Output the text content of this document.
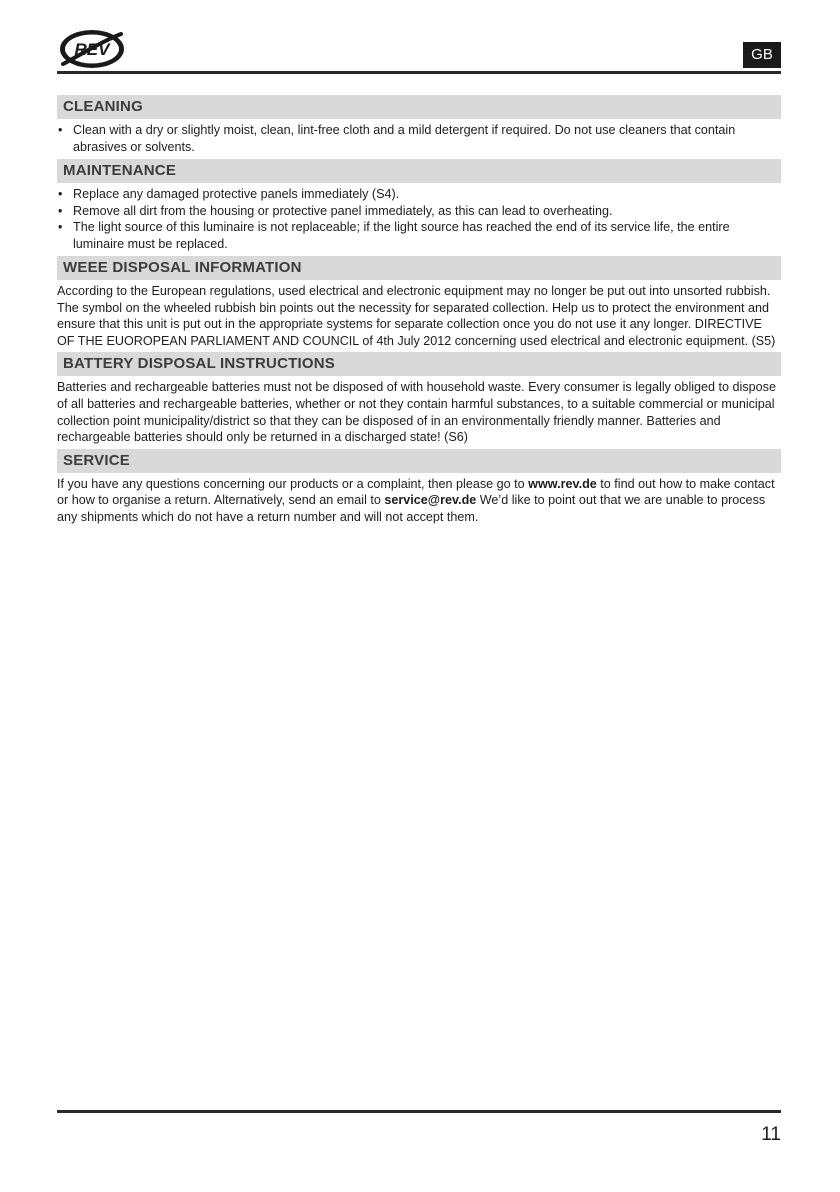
REV	GB
CLEANING
• Clean with a dry or slightly moist, clean, lint-free cloth and a mild detergent if required. Do not use cleaners that contain abrasives or solvents.
MAINTENANCE
• Replace any damaged protective panels immediately (S4).
• Remove all dirt from the housing or protective panel immediately, as this can lead to overheating.
• The light source of this luminaire is not replaceable; if the light source has reached the end of its service life, the entire luminaire must be replaced.
WEEE DISPOSAL INFORMATION

According to the European regulations, used electrical and electronic equipment may no longer be put out into unsorted rubbish. The symbol on the wheeled rubbish bin points out the necessity for separated collection. Help us to protect the environment and ensure that this unit is put out in the appropriate systems for separate collection once you do not use it any longer. DIRECTIVE OF THE EUOROPEAN PARLIAMENT AND COUNCIL of 4th July 2012 concerning used electrical and electronic equipment. (S5)

BATTERY DISPOSAL INSTRUCTIONS

Batteries and rechargeable batteries must not be disposed of with household waste. Every consumer is legally obliged to dispose of all batteries and rechargeable batteries, whether or not they contain harmful substances, to a suitable commercial or municipal collection point municipality/district so that they can be disposed of in an environmentally friendly manner. Batteries and rechargeable batteries should only be returned in a discharged state! (S6)

SERVICE

If you have any questions concerning our products or a complaint, then please go to www.rev.de to find out how to make contact or how to organise a return. Alternatively, send an email to service@rev.de We’d like to point out that we are unable to process any shipments which do not have a return number and will not accept them.

11
